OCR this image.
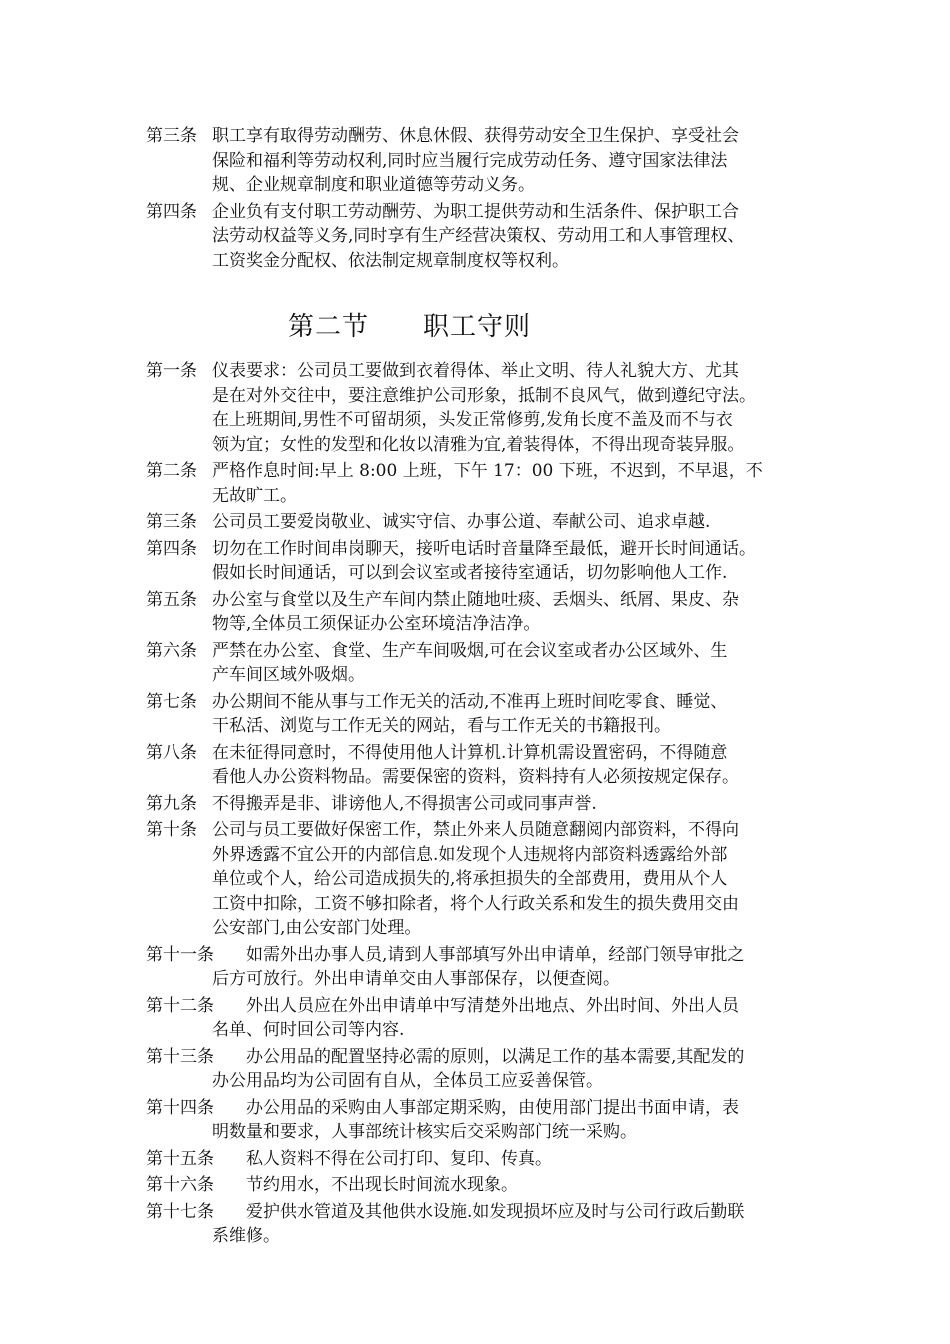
第三条 职工享有取得劳动酬劳、休息休假、获得劳动安全卫生保护、享受社会
保险和福利等劳动权利,同时应当履行完成劳动任务、遵守国家法律法
规、企业规章制度和职业道德等劳动义务。
第四条 企业负有支付职工劳动酬劳、为职工提供劳动和生活条件、保护职工合
法劳动权益等义务,同时享有生产经营决策权、劳动用工和人事管理权、
工资奖金分配权、依法制定规章制度权等权利。
第二节　　职工守则
第一条 仪表要求：公司员工要做到衣着得体、举止文明、待人礼貌大方、尤其
是在对外交往中，要注意维护公司形象，抵制不良风气，做到遵纪守法。
在上班期间,男性不可留胡须，头发正常修剪,发角长度不盖及而不与衣
领为宜；女性的发型和化妆以清雅为宜,着装得体，不得出现奇装异服。
第二条 严格作息时间:早上 8:00 上班，下午 17：00 下班，不迟到，不早退，不
无故旷工。
第三条 公司员工要爱岗敬业、诚实守信、办事公道、奉献公司、追求卓越.
第四条 切勿在工作时间串岗聊天，接听电话时音量降至最低，避开长时间通话。
假如长时间通话，可以到会议室或者接待室通话，切勿影响他人工作.
第五条 办公室与食堂以及生产车间内禁止随地吐痰、丢烟头、纸屑、果皮、杂
物等,全体员工须保证办公室环境洁净洁净。
第六条 严禁在办公室、食堂、生产车间吸烟,可在会议室或者办公区域外、生
产车间区域外吸烟。
第七条 办公期间不能从事与工作无关的活动,不准再上班时间吃零食、睡觉、
干私活、浏览与工作无关的网站，看与工作无关的书籍报刊。
第八条 在未征得同意时，不得使用他人计算机.计算机需设置密码，不得随意
看他人办公资料物品。需要保密的资料，资料持有人必须按规定保存。
第九条 不得搬弄是非、诽谤他人,不得损害公司或同事声誉.
第十条 公司与员工要做好保密工作，禁止外来人员随意翻阅内部资料，不得向
外界透露不宜公开的内部信息.如发现个人违规将内部资料透露给外部
单位或个人，给公司造成损失的,将承担损失的全部费用，费用从个人
工资中扣除，工资不够扣除者，将个人行政关系和发生的损失费用交由
公安部门,由公安部门处理。
第十一条 如需外出办事人员,请到人事部填写外出申请单，经部门领导审批之
后方可放行。外出申请单交由人事部保存，以便查阅。
第十二条 外出人员应在外出申请单中写清楚外出地点、外出时间、外出人员
名单、何时回公司等内容.
第十三条 办公用品的配置坚持必需的原则，以满足工作的基本需要,其配发的
办公用品均为公司固有自从，全体员工应妥善保管。
第十四条 办公用品的采购由人事部定期采购，由使用部门提出书面申请，表
明数量和要求，人事部统计核实后交采购部门统一采购。
第十五条 私人资料不得在公司打印、复印、传真。
第十六条 节约用水，不出现长时间流水现象。
第十七条 爱护供水管道及其他供水设施.如发现损坏应及时与公司行政后勤联
系维修。
